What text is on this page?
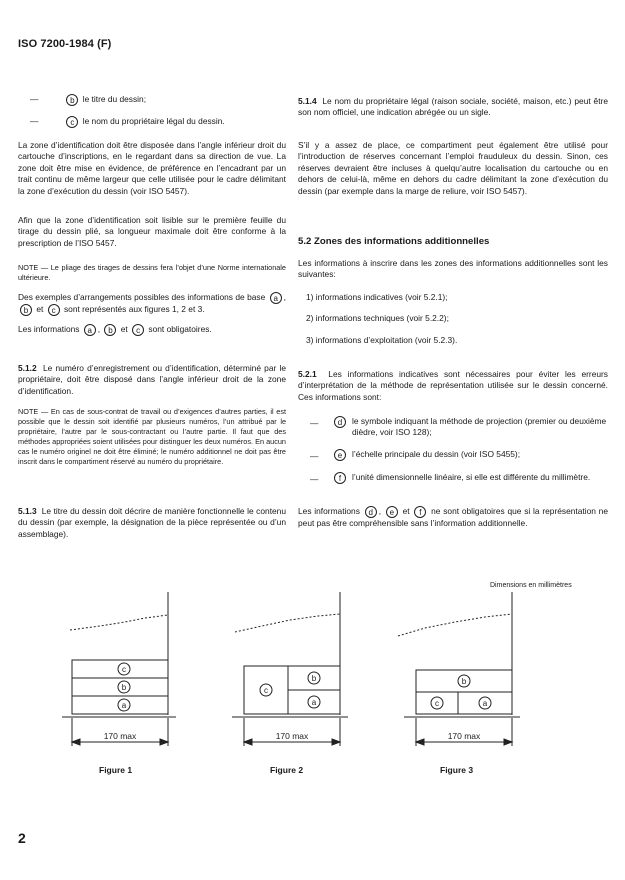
ISO 7200-1984 (F)
—	b le titre du dessin;
—	c le nom du propriétaire légal du dessin.

La zone d’identification doit être disposée dans l’angle inférieur droit du cartouche d’inscriptions, en le regardant dans sa direction de vue. La zone doit être mise en évidence, de préférence en l’encadrant par un trait continu de même largeur que celle utilisée pour le cadre délimitant la zone d’exécution du dessin (voir ISO 5457).

Afin que la zone d’identification soit lisible sur le première feuille du tirage du dessin plié, sa longueur maximale doit être conforme à la prescription de l’ISO 5457.

NOTE — Le pliage des tirages de dessins fera l’objet d’une Norme internationale ultérieure.

Des exemples d’arrangements possibles des informations de base a , b et c sont représentés aux figures 1, 2 et 3.

Les informations a , b et c sont obligatoires.

5.1.2 Le numéro d’enregistrement ou d’identification, déterminé par le propriétaire, doit être disposé dans l’angle inférieur droit de la zone d’identification.

NOTE — En cas de sous-contrat de travail ou d’exigences d’autres parties, il est possible que le dessin soit identifié par plusieurs numéros, l’un attribué par le propriétaire, l’autre par le sous-contractant ou l’autre partie. Il faut que des méthodes appropriées soient utilisées pour distinguer les deux numéros. En aucun cas le numéro originel ne doit être éliminé; le numéro additionnel ne doit pas être inscrit dans le compartiment réservé au numéro du propriétaire.

5.1.3 Le titre du dessin doit décrire de manière fonctionnelle le contenu du dessin (par exemple, la désignation de la pièce représentée ou d’un assemblage).

5.1.4 Le nom du propriétaire légal (raison sociale, société, maison, etc.) peut être son nom officiel, une indication abrégée ou un sigle.

S’il y a assez de place, ce compartiment peut également être utilisé pour l’introduction de réserves concernant l’emploi frauduleux du dessin. Sinon, ces réserves devraient être incluses à quelqu’autre localisation du cartouche ou en dehors de celui-là, même en dehors du cadre délimitant la zone d’exécution du dessin (par exemple dans la marge de reliure, voir ISO 5457).

5.2 Zones des informations additionnelles

Les informations à inscrire dans les zones des informations additionnelles sont les suivantes:

1) informations indicatives (voir 5.2.1);
2) informations techniques (voir 5.2.2);
3) informations d’exploitation (voir 5.2.3).

5.2.1 Les informations indicatives sont nécessaires pour éviter les erreurs d’interprétation de la méthode de représentation utilisée sur le dessin concerné. Ces informations sont:

—	d	le symbole indiquant la méthode de projection (premier ou deuxième dièdre, voir ISO 128);
—	e	l’échelle principale du dessin (voir ISO 5455);
—	f	l’unité dimensionnelle linéaire, si elle est différente du millimètre.

Les informations d , e et f ne sont obligatoires que si la représentation ne peut pas être compréhensible sans l’information additionnelle.

Dimensions en millimètres
c
b
a
c
b
a
b
c	a
170 max	170 max	170 max
Figure 1	Figure 2	Figure 3
2
